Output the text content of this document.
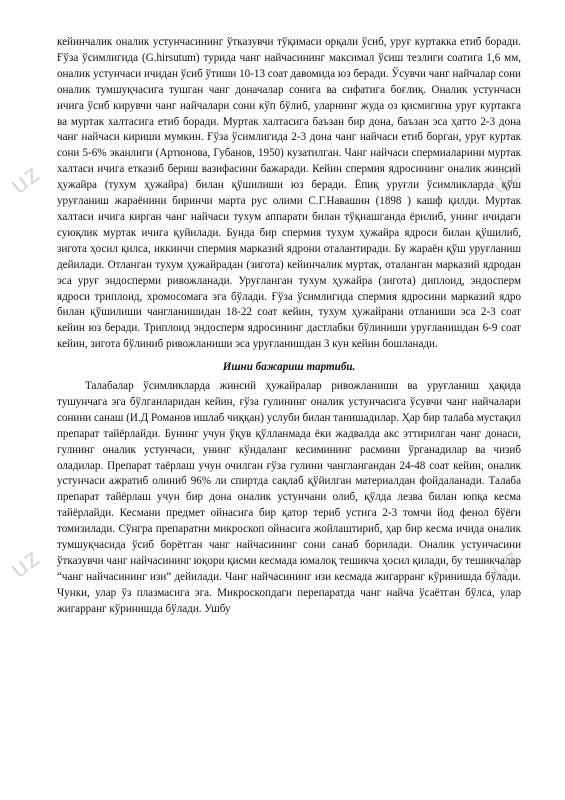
uz
uz
uz
uz

кейинчалик оналик устунчасининг ўтказувчи тўқимаси орқали ўсиб, уруғ куртакка етиб боради. Ғўза ўсимлигида (G.hirsutum) турида чанг найчасининг максимал ўсиш тезлиги соатига 1,6 мм, оналик устунчаси ичидан ўсиб ўтиши 10-13 соат давомида юз беради. Ўсувчи чанг найчалар сони оналик тумшуқчасига тушган чанг доначалар сонига ва сифатига боғлиқ. Оналик устунчаси ичига ўсиб кирувчи чанг найчалари сони кўп бўлиб, уларнинг жуда оз қисмигина уруғ куртакга ва муртак халтасига етиб боради. Муртак халтасига баъзан бир дона, баъзан эса ҳатто 2-3 дона чанг найчаси кириши мумкин. Ғўза ўсимлигида 2-3 дона чанг найчаси етиб борган, уруғ куртак сони 5-6% эканлиги (Артюнова, Губанов, 1950) кузатилган. Чанг найчаси спермиаларини муртак халтаси ичига етказиб бериш вазифасини бажаради. Кейин спермия ядросининг оналик жинсий ҳужайра (тухум ҳужайра) билан қўшилиши юз беради. Ёпиқ уруғли ўсимликларда қўш уруғланиш жараёнини биринчи марта рус олими С.Г.Навашин (1898 ) кашф қилди. Муртак халтаси ичига кирган чанг найчаси тухум аппарати билан тўқнашганда ёрилиб, унинг ичидаги суюқлик муртак ичига қуйилади. Бунда бир спермия тухум ҳужайра ядроси билан қўшилиб, зигота ҳосил қилса, иккинчи спермия марказий ядрони оталантиради. Бу жараён қўш уруғланиш дейилади. Отланган тухум ҳужайрадан (зигота) кейинчалик муртак, оталанган марказий ядродан эса уруғ эндосперми ривожланади. Уруғланган тухум ҳужайра (зигота) диплоид, эндосперм ядроси триплоид, хромосомага эга бўлади. Ғўза ўсимлигида спермия ядросини марказий ядро билан қўшилиши чангланишидан 18-22 соат кейин, тухум ҳужайрани отланиши эса 2-3 соат кейин юз беради. Триплоид эндосперм ядросининг дастлабки бўлиниши уруғланишдан 6-9 соат кейин, зигота бўлиниб ривожланиши эса уруғланишдан 3 кун кейин бошланади.

Ишни бажариш тартиби.

Талабалар ўсимликларда жинсий ҳужайралар ривожланиши ва уруғланиш ҳақида тушунчага эга бўлганларидан кейин, ғўза гулининг оналик устунчасига ўсувчи чанг найчалари сонини санаш (И.Д Романов ишлаб чиққан) услуби билан танишадилар. Ҳар бир талаба мустақил препарат тайёрлайди. Бунинг учун ўқув қўлланмада ёки жадвалда акс эттирилган чанг донаси, гулнинг оналик устунчаси, унинг кўндаланг кесимининг расмини ўрганадилар ва чизиб оладилар. Препарат таёрлаш учун очилган ғўза гулини чанглангандан 24-48 соат кейин, оналик устунчаси ажратиб олиниб 96% ли спиртда сақлаб қўйилган материалдан фойдаланади. Талаба препарат тайёрлаш учун бир дона оналик устунчани олиб, қўлда лезва билан юпқа кесма тайёрлайди. Кесмани предмет ойнасига бир қатор териб устига 2-3 томчи йод фенол бўёғи томизилади. Сўнгра препаратни микроскоп ойнасига жойлаштириб, ҳар бир кесма ичида оналик тумшуқчасида ўсиб борётган чанг найчасининг сони санаб борилади. Оналик устунчасини ўтказувчи чанг найчасининг юқори қисми кесмада юмалоқ тешикча ҳосил қилади, бу тешикчалар “чанг найчасининг изи” дейилади. Чанг найчасининг изи кесмада жигарранг кўринишда бўлади. Чунки, улар ўз плазмасига эга. Микроскопдаги перепаратда чанг найча ўсаётган бўлса, улар жигарранг кўринишда бўлади. Ушбу
